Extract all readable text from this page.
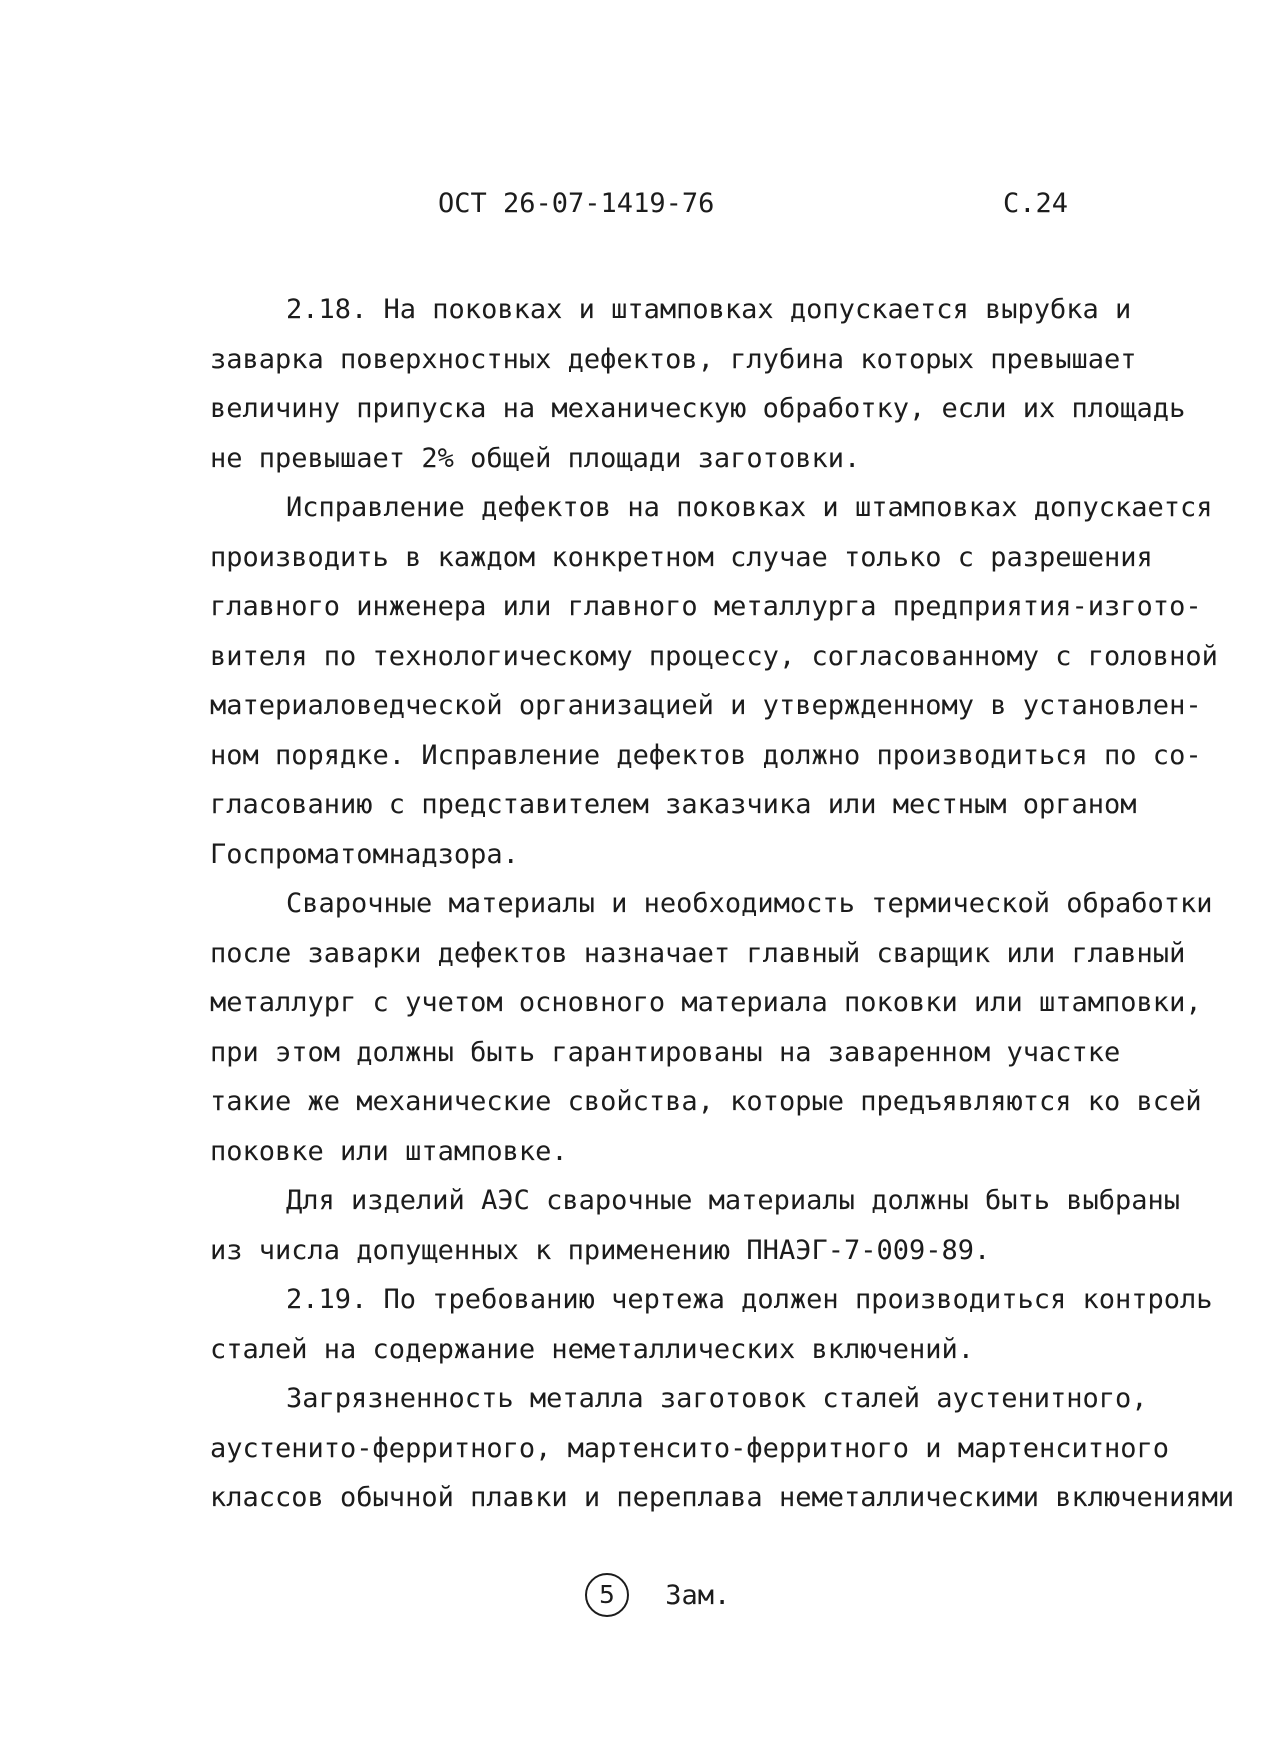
ОСТ 26-07-1419-76	С.24
2.18. На поковках и штамповках допускается вырубка и
заварка поверхностных дефектов, глубина которых превышает
величину припуска на механическую обработку, если их площадь
не превышает 2% общей площади заготовки.
Исправление дефектов на поковках и штамповках допускается
производить в каждом конкретном случае только с разрешения
главного инженера или главного металлурга предприятия-изгото-
вителя по технологическому процессу, согласованному с головной
материаловедческой организацией и утвержденному в установлен-
ном порядке. Исправление дефектов должно производиться по со-
гласованию с представителем заказчика или местным органом
Госпроматомнадзора.
Сварочные материалы и необходимость термической обработки
после заварки дефектов назначает главный сварщик или главный
металлург с учетом основного материала поковки или штамповки,
при этом должны быть гарантированы на заваренном участке
такие же механические свойства, которые предъявляются ко всей
поковке или штамповке.
Для изделий АЭС сварочные материалы должны быть выбраны
из числа допущенных к применению ПНАЭГ-7-009-89.
2.19. По требованию чертежа должен производиться контроль
сталей на содержание неметаллических включений.
Загрязненность металла заготовок сталей аустенитного,
аустенито-ферритного, мартенсито-ферритного и мартенситного
классов обычной плавки и переплава неметаллическими включениями
5 Зам.
